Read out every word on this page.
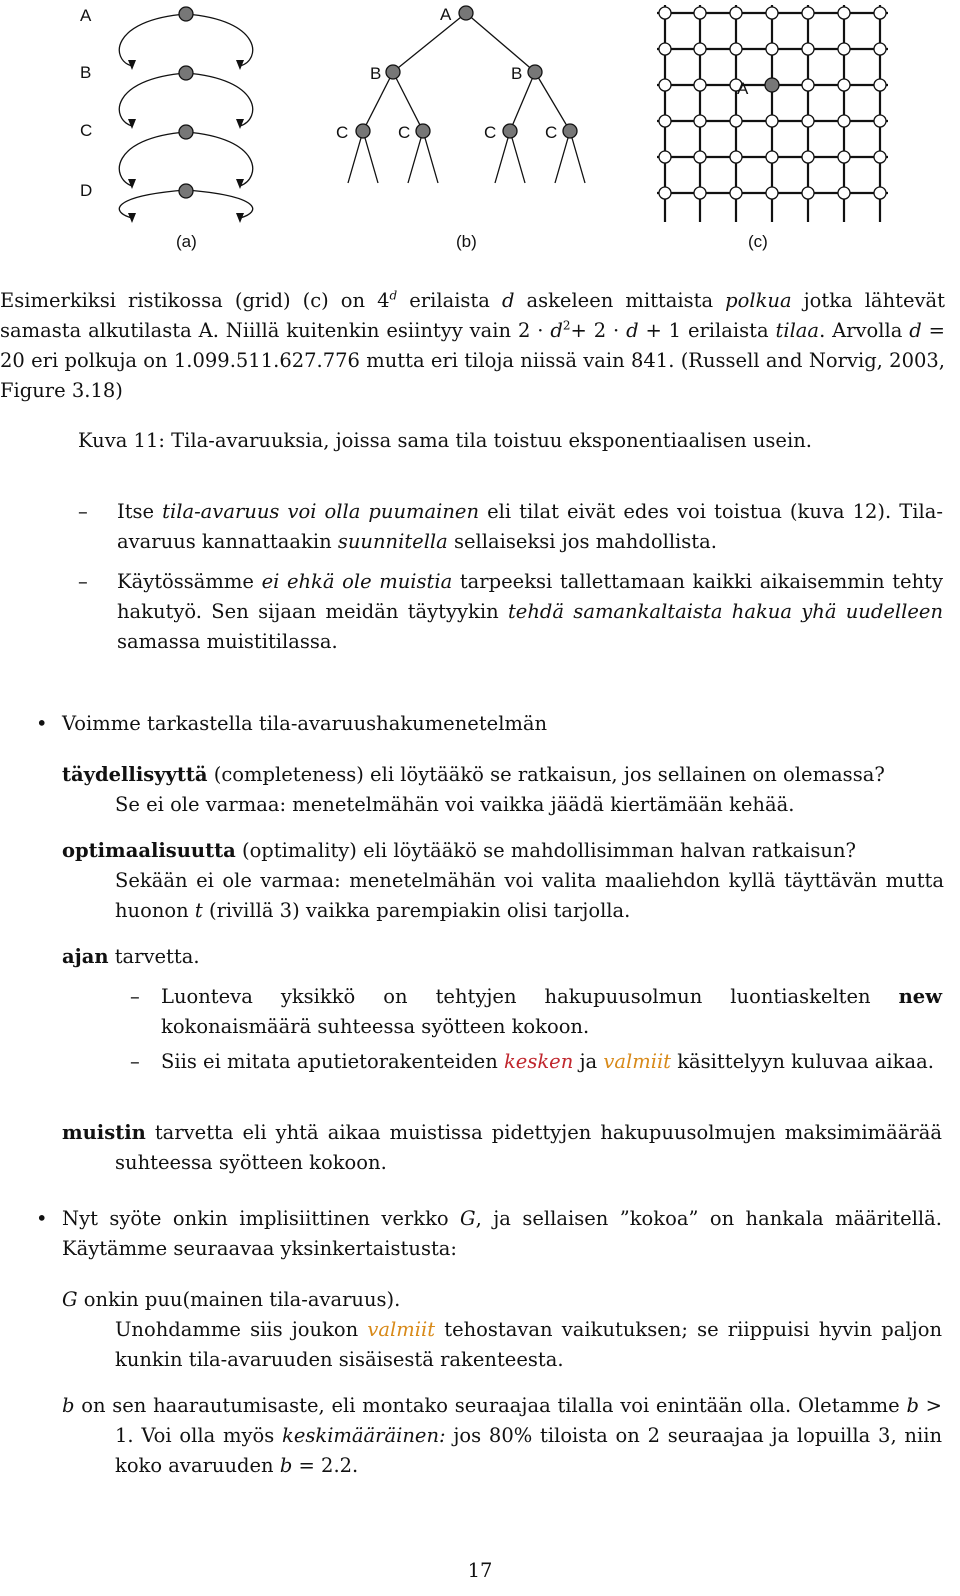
A
B
C
D
(a)
A
B	B
C	C	C	C
(b)
A
(c)

Esimerkiksi ristikossa (grid) (c) on 4$^d$ erilaista d askeleen mittaista polkua jotka lähtevät samasta alkutilasta A. Niillä kuitenkin esiintyy vain $2 \cdot d^2+ 2 \cdot d + 1$ erilaista tilaa. Arvolla d = 20 eri polkuja on 1.099.511.627.776 mutta eri tiloja niissä vain 841. (Russell and Norvig, 2003, Figure 3.18)

Kuva 11: Tila-avaruuksia, joissa sama tila toistuu eksponentiaalisen usein.

– Itse tila-avaruus voi olla puumainen eli tilat eivät edes voi toistua (kuva 12). Tila-avaruus kannattaakin suunnitella sellaiseksi jos mahdollista.

– Käytössämme ei ehkä ole muistia tarpeeksi tallettamaan kaikki aikaisemmin tehty hakutyö. Sen sijaan meidän täytyykin tehdä samankaltaista hakua yhä uudelleen samassa muistitilassa.

• Voimme tarkastella tila-avaruushakumenetelmän

täydellisyyttä (completeness) eli löytääkö se ratkaisun, jos sellainen on olemassa?

Se ei ole varmaa: menetelmähän voi vaikka jäädä kiertämään kehää.

optimaalisuutta (optimality) eli löytääkö se mahdollisimman halvan ratkaisun?

Sekään ei ole varmaa: menetelmähän voi valita maaliehdon kyllä täyttävän mutta huonon t (rivillä 3) vaikka parempiakin olisi tarjolla.

ajan tarvetta.

– Luonteva yksikkö on tehtyjen hakupuusolmun luontiaskelten new kokonaismäärä suhteessa syötteen kokoon.

– Siis ei mitata aputietorakenteiden kesken ja valmiit käsittelyyn kuluvaa aikaa.

muistin tarvetta eli yhtä aikaa muistissa pidettyjen hakupuusolmujen maksimimäärää suhteessa syötteen kokoon.

• Nyt syöte onkin implisiittinen verkko G, ja sellaisen ”kokoa” on hankala määritellä. Käytämme seuraavaa yksinkertaistusta:

G onkin puu(mainen tila-avaruus).

Unohdamme siis joukon valmiit tehostavan vaikutuksen; se riippuisi hyvin paljon kunkin tila-avaruuden sisäisestä rakenteesta.

b on sen haarautumisaste, eli montako seuraajaa tilalla voi enintään olla. Oletamme b > 1. Voi olla myös keskimääräinen: jos 80% tiloista on 2 seuraajaa ja lopuilla 3, niin koko avaruuden b = 2.2.

17
